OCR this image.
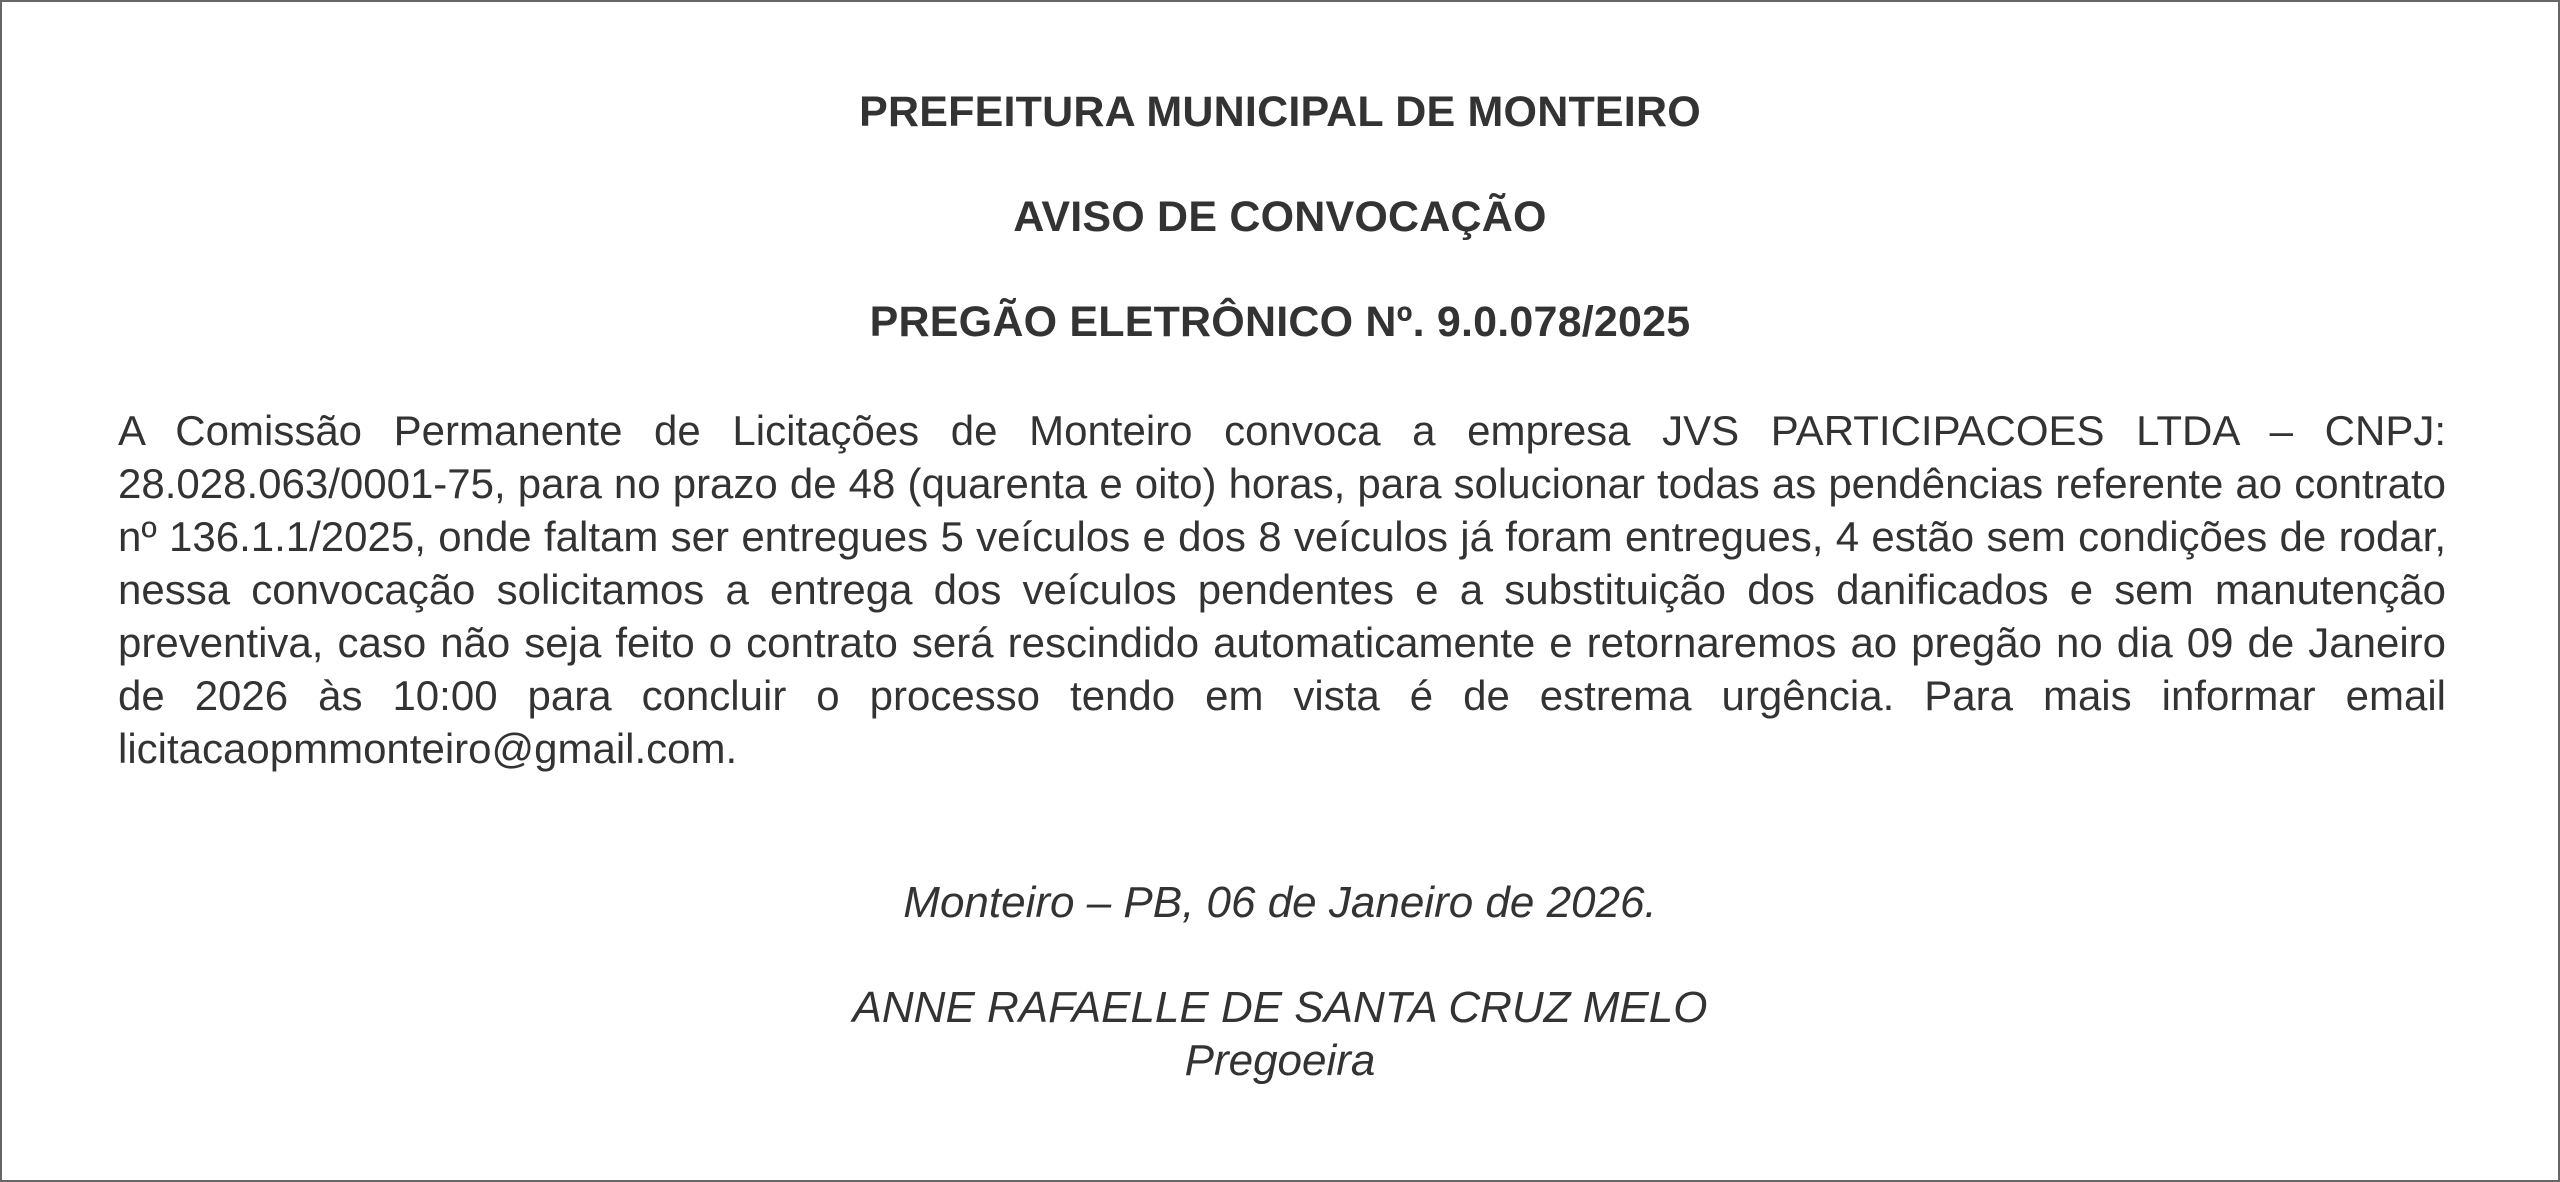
PREFEITURA MUNICIPAL DE MONTEIRO

AVISO DE CONVOCAÇÃO

PREGÃO ELETRÔNICO Nº. 9.0.078/2025

A Comissão Permanente de Licitações de Monteiro convoca a empresa JVS PARTICIPACOES LTDA – CNPJ: 28.028.063/0001-75, para no prazo de 48 (quarenta e oito) horas, para solucionar todas as pendências referente ao contrato nº 136.1.1/2025, onde faltam ser entregues 5 veículos e dos 8 veículos já foram entregues, 4 estão sem condições de rodar, nessa convocação solicitamos a entrega dos veículos pendentes e a substituição dos danificados e sem manutenção preventiva, caso não seja feito o contrato será rescindido automaticamente e retornaremos ao pregão no dia 09 de Janeiro de 2026 às 10:00 para concluir o processo tendo em vista é de estrema urgência. Para mais informar email licitacaopmmonteiro@gmail.com.

Monteiro – PB, 06 de Janeiro de 2026.

ANNE RAFAELLE DE SANTA CRUZ MELO

Pregoeira
